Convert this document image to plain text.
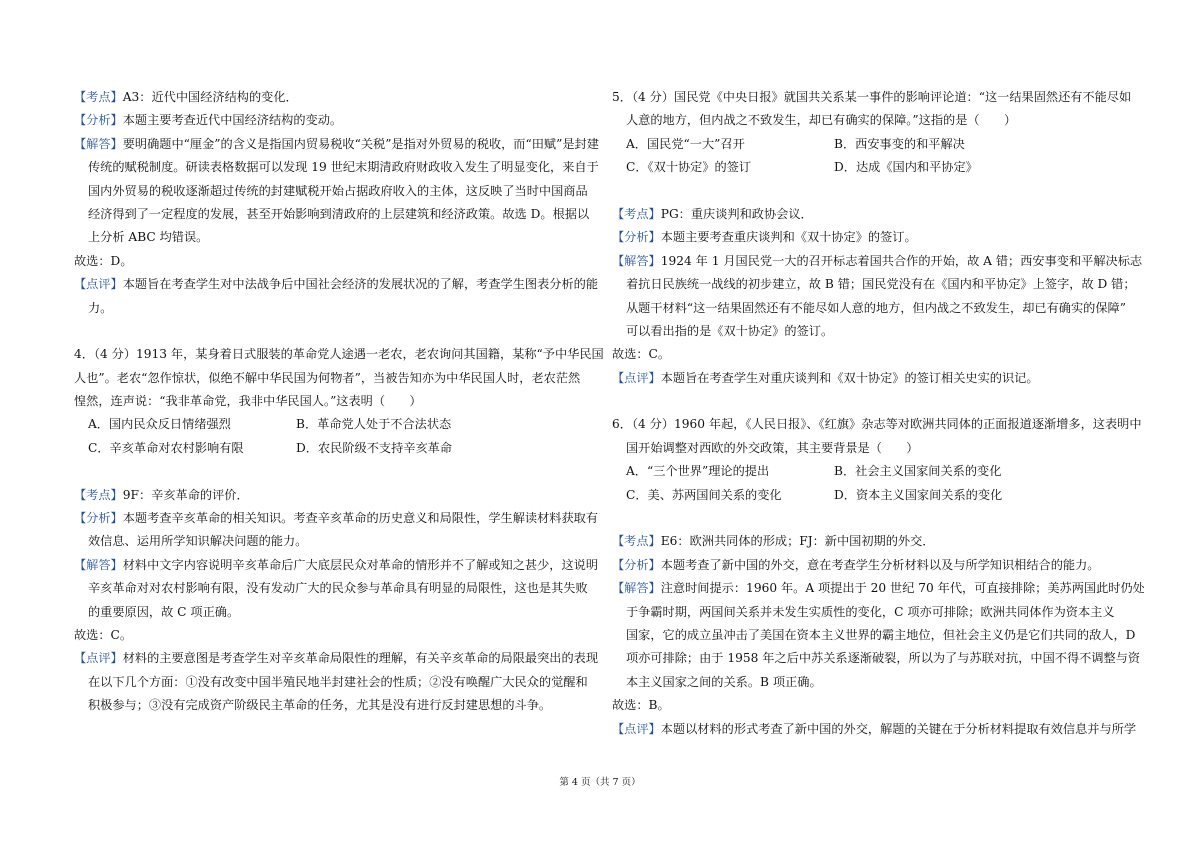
【考点】A3：近代中国经济结构的变化．
【分析】本题主要考查近代中国经济结构的变动。
【解答】要明确题中“厘金”的含义是指国内贸易税收“关税”是指对外贸易的税收，而“田赋”是封建
传统的赋税制度。研读表格数据可以发现 19 世纪末期清政府财政收入发生了明显变化，来自于
国内外贸易的税收逐渐超过传统的封建赋税开始占据政府收入的主体，这反映了当时中国商品
经济得到了一定程度的发展，甚至开始影响到清政府的上层建筑和经济政策。故选 D。根据以
上分析 ABC 均错误。
故选：D。
【点评】本题旨在考查学生对中法战争后中国社会经济的发展状况的了解，考查学生图表分析的能
力。
4．（4 分）1913 年，某身着日式服装的革命党人途遇一老农，老农询问其国籍，某称“予中华民国
人也”。老农“忽作惊状，似绝不解中华民国为何物者”，当被告知亦为中华民国人时，老农茫然
惶然，连声说：“我非革命党，我非中华民国人。”这表明（　　）
A．国内民众反日情绪强烈	B．革命党人处于不合法状态
C．辛亥革命对农村影响有限	D．农民阶级不支持辛亥革命
【考点】9F：辛亥革命的评价．
【分析】本题考查辛亥革命的相关知识。考查辛亥革命的历史意义和局限性，学生解读材料获取有
效信息、运用所学知识解决问题的能力。
【解答】材料中文字内容说明辛亥革命后广大底层民众对革命的情形并不了解或知之甚少，这说明
辛亥革命对对农村影响有限，没有发动广大的民众参与革命具有明显的局限性，这也是其失败
的重要原因，故 C 项正确。
故选：C。
【点评】材料的主要意图是考查学生对辛亥革命局限性的理解，有关辛亥革命的局限最突出的表现
在以下几个方面：①没有改变中国半殖民地半封建社会的性质；②没有唤醒广大民众的觉醒和
积极参与；③没有完成资产阶级民主革命的任务，尤其是没有进行反封建思想的斗争。
5．（4 分）国民党《中央日报》就国共关系某一事件的影响评论道：“这一结果固然还有不能尽如
人意的地方，但内战之不致发生，却已有确实的保障。”这指的是（　　）
A．国民党“一大”召开	B．西安事变的和平解决
C．《双十协定》的签订	D．达成《国内和平协定》
【考点】PG：重庆谈判和政协会议．
【分析】本题主要考查重庆谈判和《双十协定》的签订。
【解答】1924 年 1 月国民党一大的召开标志着国共合作的开始，故 A 错；西安事变和平解决标志
着抗日民族统一战线的初步建立，故 B 错；国民党没有在《国内和平协定》上签字，故 D 错；
从题干材料“这一结果固然还有不能尽如人意的地方，但内战之不致发生，却已有确实的保障”
可以看出指的是《双十协定》的签订。
故选：C。
【点评】本题旨在考查学生对重庆谈判和《双十协定》的签订相关史实的识记。
6．（4 分）1960 年起，《人民日报》、《红旗》杂志等对欧洲共同体的正面报道逐渐增多，这表明中
国开始调整对西欧的外交政策，其主要背景是（　　）
A．“三个世界”理论的提出	B．社会主义国家间关系的变化
C．美、苏两国间关系的变化	D．资本主义国家间关系的变化
【考点】E6：欧洲共同体的形成；FJ：新中国初期的外交．
【分析】本题考查了新中国的外交，意在考查学生分析材料以及与所学知识相结合的能力。
【解答】注意时间提示：1960 年。A 项提出于 20 世纪 70 年代，可直接排除；美苏两国此时仍处
于争霸时期，两国间关系并未发生实质性的变化，C 项亦可排除；欧洲共同体作为资本主义
国家，它的成立虽冲击了美国在资本主义世界的霸主地位，但社会主义仍是它们共同的敌人，D
项亦可排除；由于 1958 年之后中苏关系逐渐破裂，所以为了与苏联对抗，中国不得不调整与资
本主义国家之间的关系。B 项正确。
故选：B。
【点评】本题以材料的形式考查了新中国的外交，解题的关键在于分析材料提取有效信息并与所学
第 4 页（共 7 页）
